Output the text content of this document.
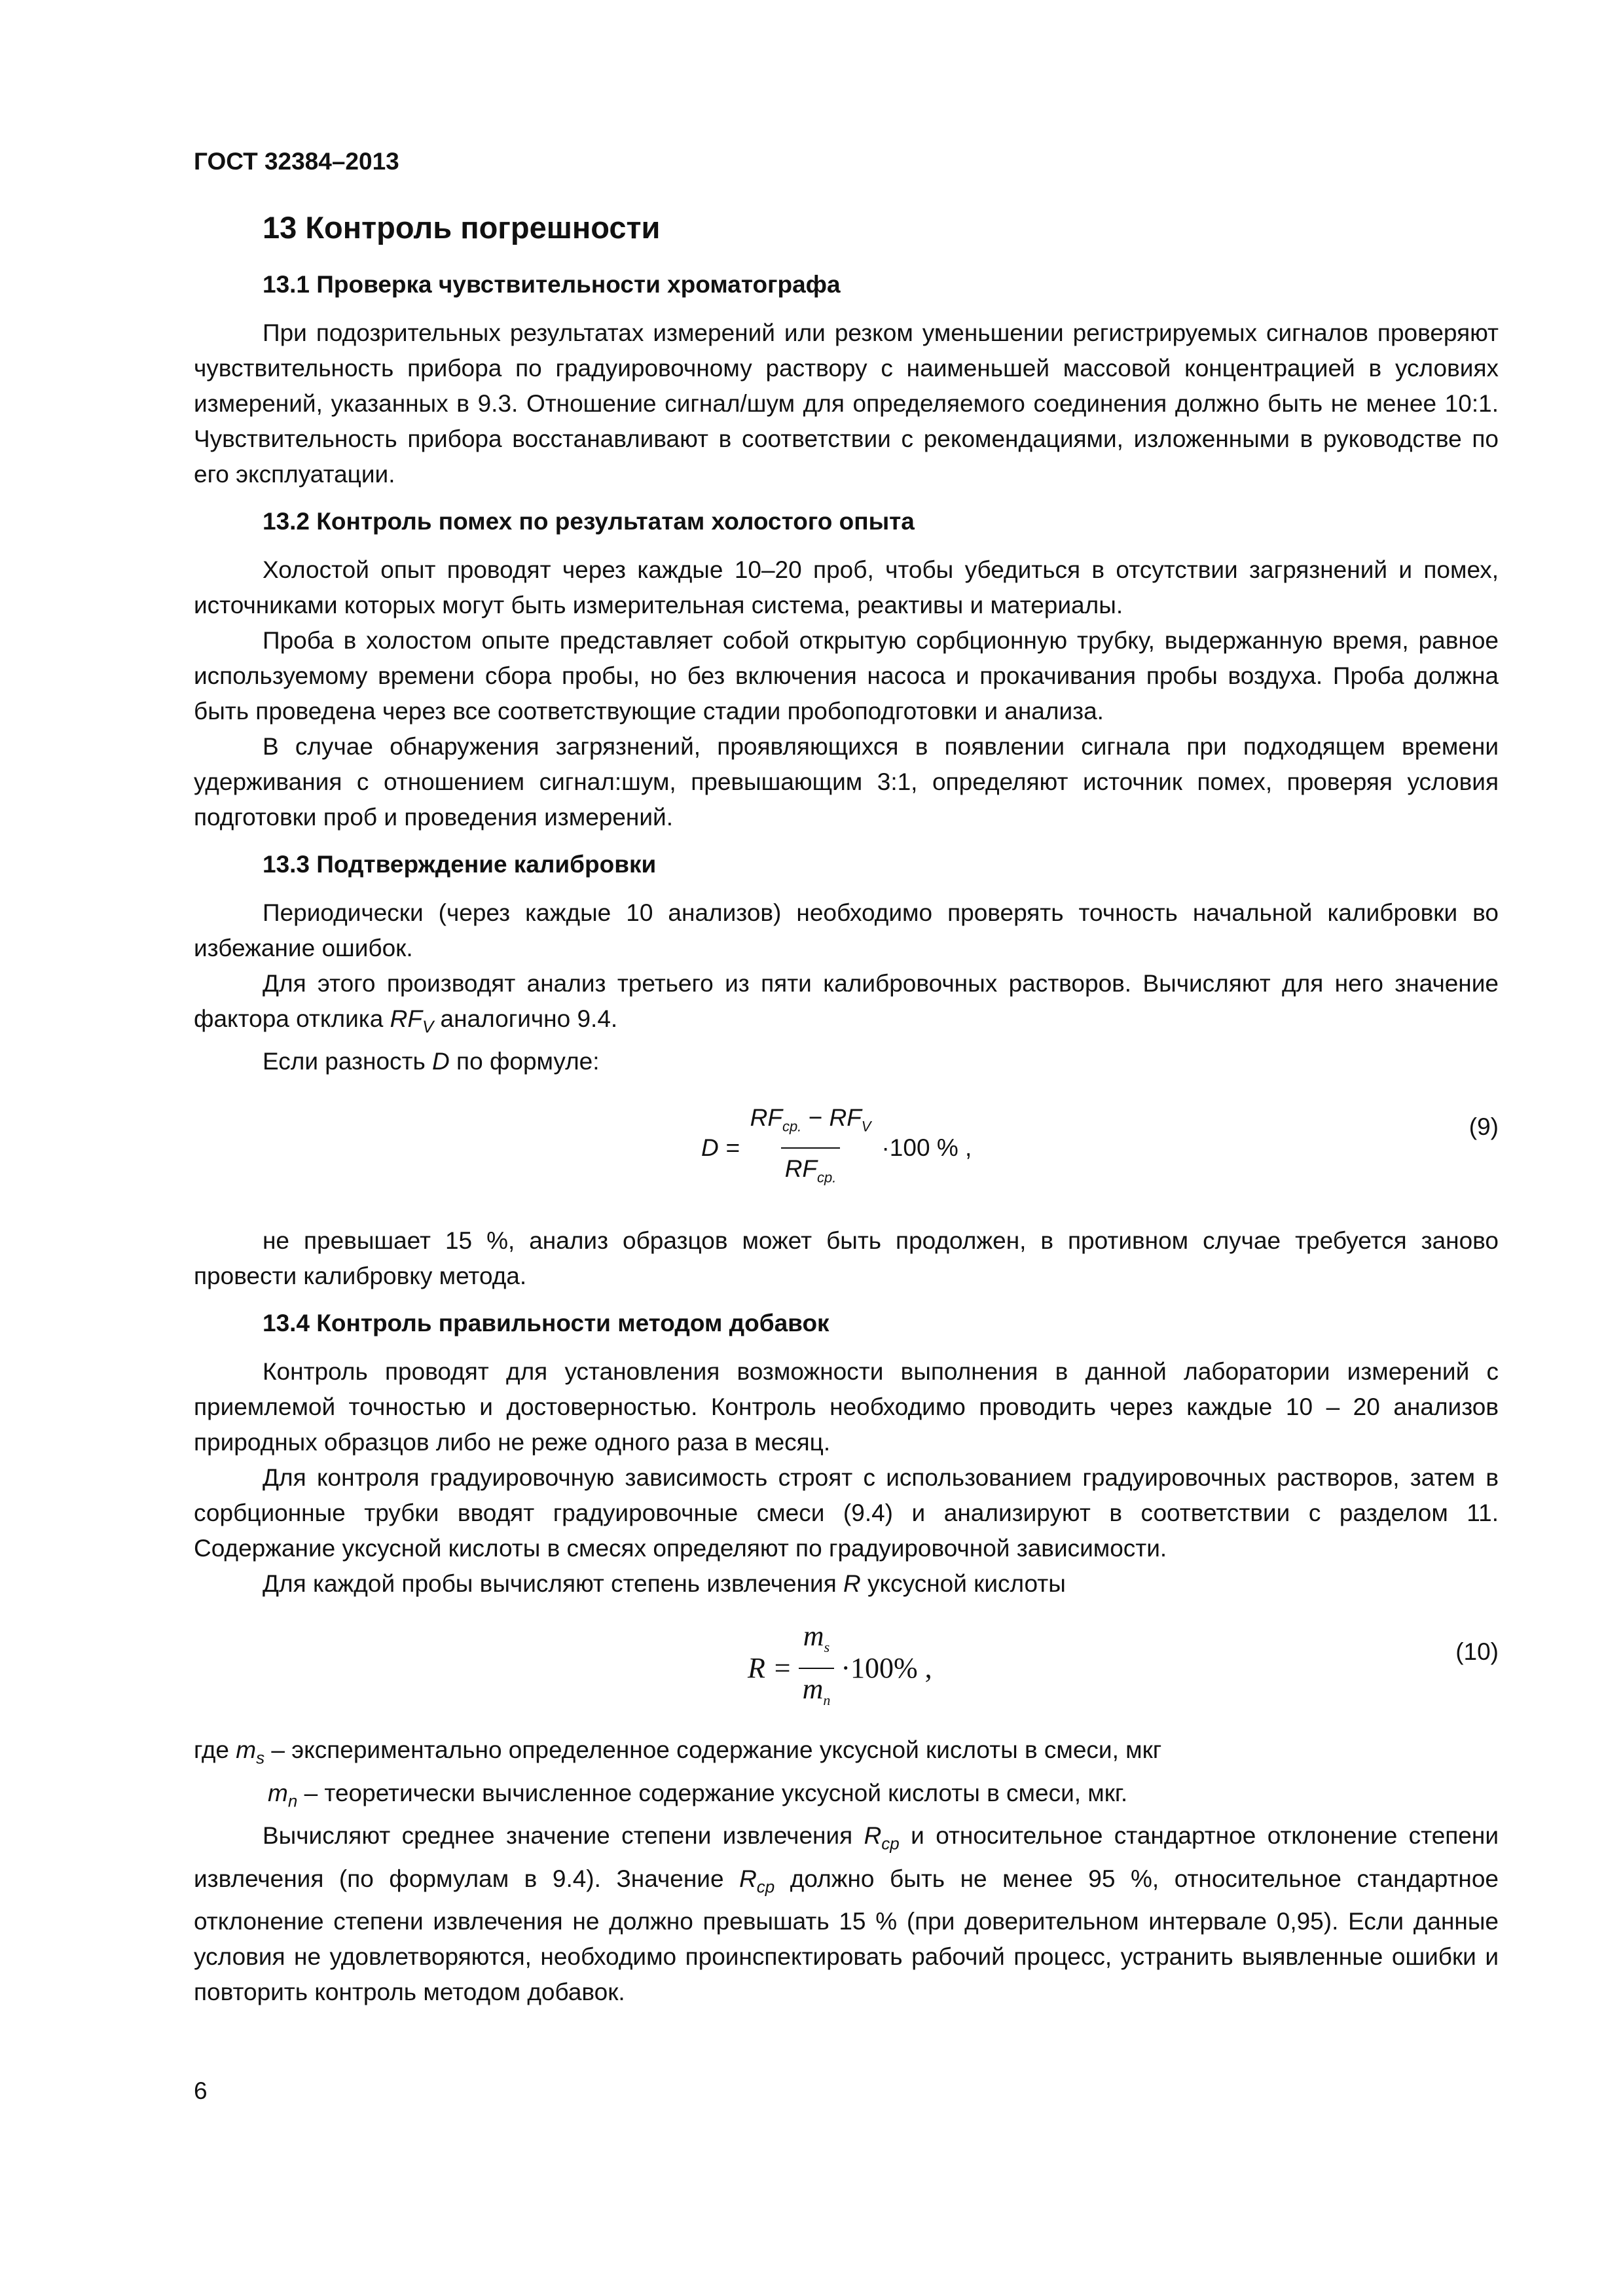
ГОСТ 32384–2013
13 Контроль погрешности
13.1 Проверка чувствительности хроматографа

При подозрительных результатах измерений или резком уменьшении регистрируемых сигналов проверяют чувствительность прибора по градуировочному раствору с наименьшей массовой концентрацией в условиях измерений, указанных в 9.3. Отношение сигнал/шум для определяемого соединения должно быть не менее 10:1. Чувствительность прибора восстанавливают в соответствии с рекомендациями, изложенными в руководстве по его эксплуатации.

13.2 Контроль помех по результатам холостого опыта

Холостой опыт проводят через каждые 10–20 проб, чтобы убедиться в отсутствии загрязнений и помех, источниками которых могут быть измерительная система, реактивы и материалы.

Проба в холостом опыте представляет собой открытую сорбционную трубку, выдержанную время, равное используемому времени сбора пробы, но без включения насоса и прокачивания пробы воздуха. Проба должна быть проведена через все соответствующие стадии пробоподготовки и анализа.

В случае обнаружения загрязнений, проявляющихся в появлении сигнала при подходящем времени удерживания с отношением сигнал:шум, превышающим 3:1, определяют источник помех, проверяя условия подготовки проб и проведения измерений.

13.3 Подтверждение калибровки

Периодически (через каждые 10 анализов) необходимо проверять точность начальной калибровки во избежание ошибок.

Для этого производят анализ третьего из пяти калибровочных растворов. Вычисляют для него значение фактора отклика $RF_V$ аналогично 9.4.

Если разность D по формуле:

$D = \frac{RF_{ср.} - RF_V}{RF_{ср.}} \cdot 100$ % ,
(9)

не превышает 15 %, анализ образцов может быть продолжен, в противном случае требуется заново провести калибровку метода.

13.4 Контроль правильности методом добавок

Контроль проводят для установления возможности выполнения в данной лаборатории измерений с приемлемой точностью и достоверностью. Контроль необходимо проводить через каждые 10 – 20 анализов природных образцов либо не реже одного раза в месяц.

Для контроля градуировочную зависимость строят с использованием градуировочных растворов, затем в сорбционные трубки вводят градуировочные смеси (9.4) и анализируют в соответствии с разделом 11. Содержание уксусной кислоты в смесях определяют по градуировочной зависимости.

Для каждой пробы вычисляют степень извлечения R уксусной кислоты

$R = \frac{m_s}{m_n} \cdot 100\%$ ,
(10)

где $m_s$ – экспериментально определенное содержание уксусной кислоты в смеси, мкг

$m_n$ – теоретически вычисленное содержание уксусной кислоты в смеси, мкг.

Вычисляют среднее значение степени извлечения $R_{ср}$ и относительное стандартное отклонение степени извлечения (по формулам в 9.4). Значение $R_{ср}$ должно быть не менее 95 %, относительное стандартное отклонение степени извлечения не должно превышать 15 % (при доверительном интервале 0,95). Если данные условия не удовлетворяются, необходимо проинспектировать рабочий процесс, устранить выявленные ошибки и повторить контроль методом добавок.

6
